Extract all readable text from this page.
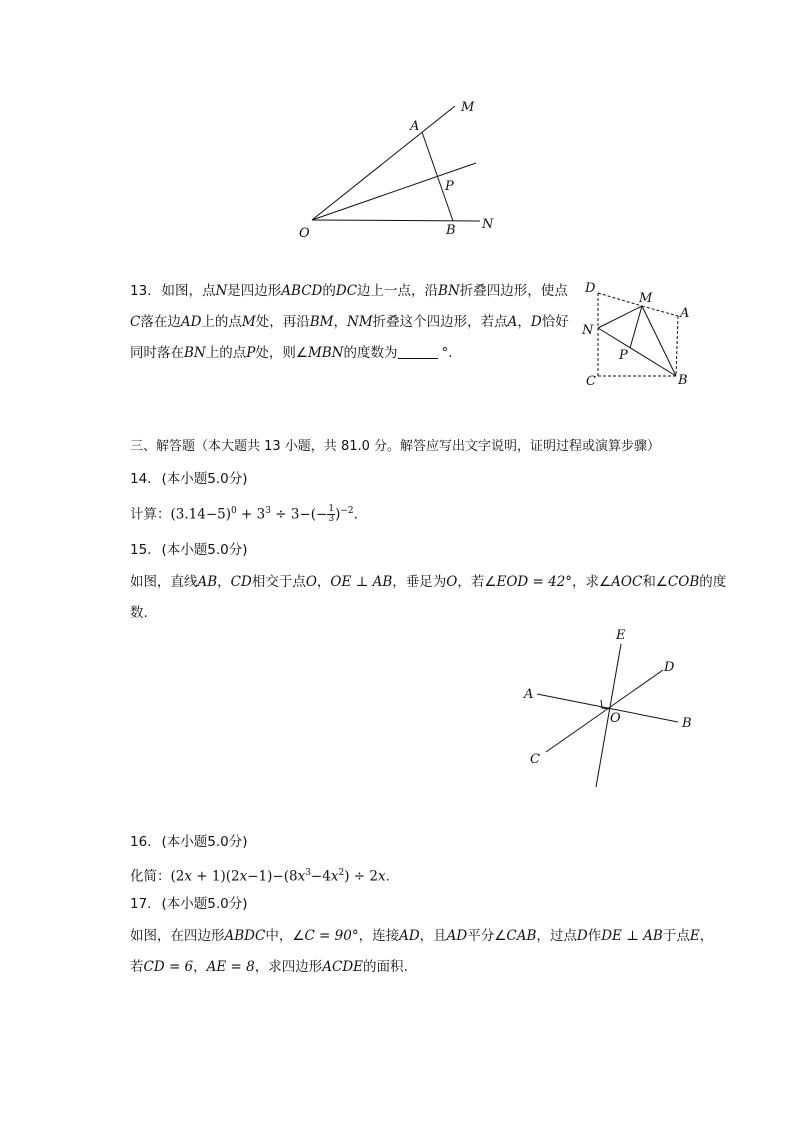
M
A
P
O	B N
13. 如图，点N是四边形ABCD的DC边上一点，沿BN折叠四边形，使点
C落在边AD上的点M处，再沿BM，NM折叠这个四边形，若点A，D恰好
同时落在BN上的点P处，则∠MBN的度数为	°.
D
M
A
N
P
C	B
三、解答题（本大题共 13 小题，共 81.0 分。解答应写出文字说明，证明过程或演算步骤）
14. (本小题5.0分)
计算：$(3.14-5)^0 + 3^3 \div 3-(- \frac{1}{3} )^{-2}$.
15. (本小题5.0分)
如图，直线AB，CD相交于点O，OE ⊥ AB，垂足为O，若∠EOD = 42°，求∠AOC和∠COB的度
数.
E
D
A
O	B
C
16. (本小题5.0分)
化简：$(2x + 1)(2x-1)-(8x^3-4x^2) \div 2x$.
17. (本小题5.0分)
如图，在四边形ABDC中，∠C = 90°，连接AD，且AD平分∠CAB，过点D作DE ⊥ AB于点E，
若CD = 6，AE = 8，求四边形ACDE的面积.
